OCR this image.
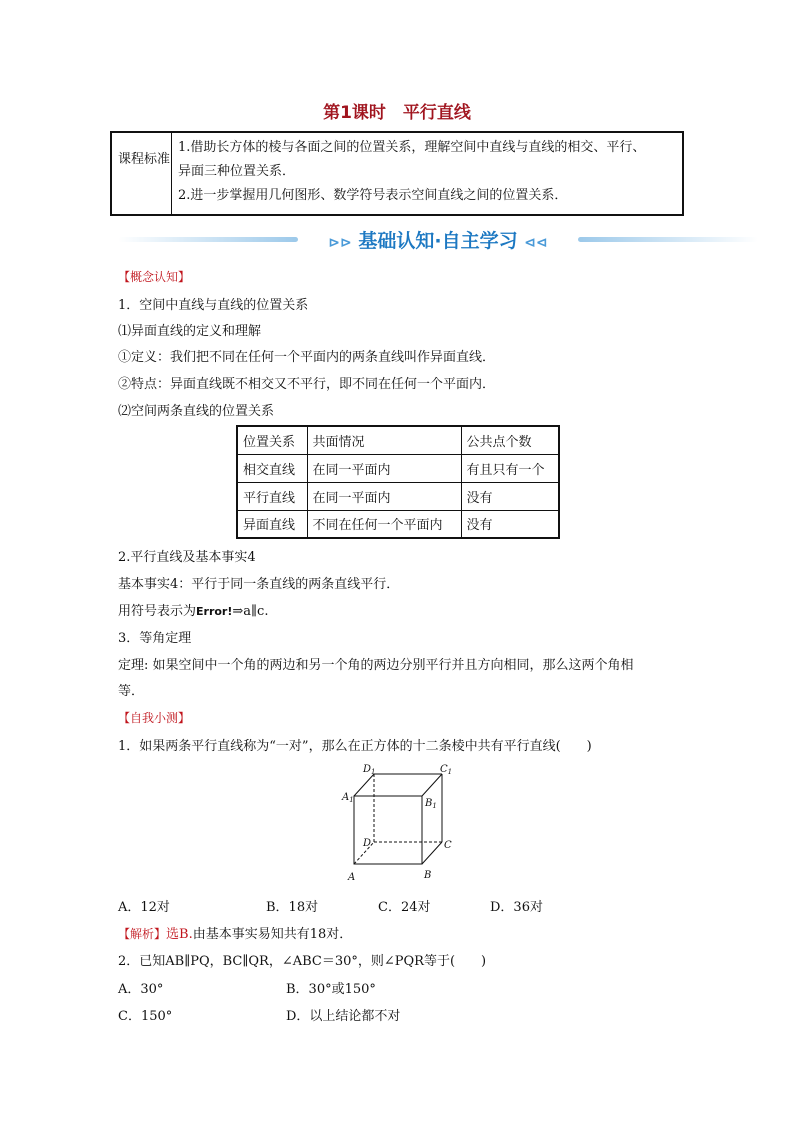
第1课时　平行直线
课程标准
1.借助长方体的棱与各面之间的位置关系，理解空间中直线与直线的相交、平行、
异面三种位置关系．
2.进一步掌握用几何图形、数学符号表示空间直线之间的位置关系．
⊳⊳ 基础认知·自主学习 ⊲⊲
【概念认知】
1．空间中直线与直线的位置关系
⑴异面直线的定义和理解
①定义：我们把不同在任何一个平面内的两条直线叫作异面直线．
②特点：异面直线既不相交又不平行，即不同在任何一个平面内．
⑵空间两条直线的位置关系
位置关系	共面情况	公共点个数
相交直线	在同一平面内	有且只有一个
平行直线	在同一平面内	没有
异面直线	不同在任何一个平面内	没有
2.平行直线及基本事实4
基本事实4：平行于同一条直线的两条直线平行．
用符号表示为Error!⇒a∥c.
3．等角定理
定理: 如果空间中一个角的两边和另一个角的两边分别平行并且方向相同，那么这两个角相
等．
【自我小测】
1．如果两条平行直线称为“一对”，那么在正方体的十二条棱中共有平行直线(　　)
$D_1$	$C_1$
$A_1$	$B_1$
D	C
A	B
A．12对	B．18对	C．24对	D．36对
【解析】选B.由基本事实易知共有18对．
2．已知AB∥PQ，BC∥QR，∠ABC＝30°，则∠PQR等于(　　)
A．30°	B．30°或150°
C．150°	D．以上结论都不对
